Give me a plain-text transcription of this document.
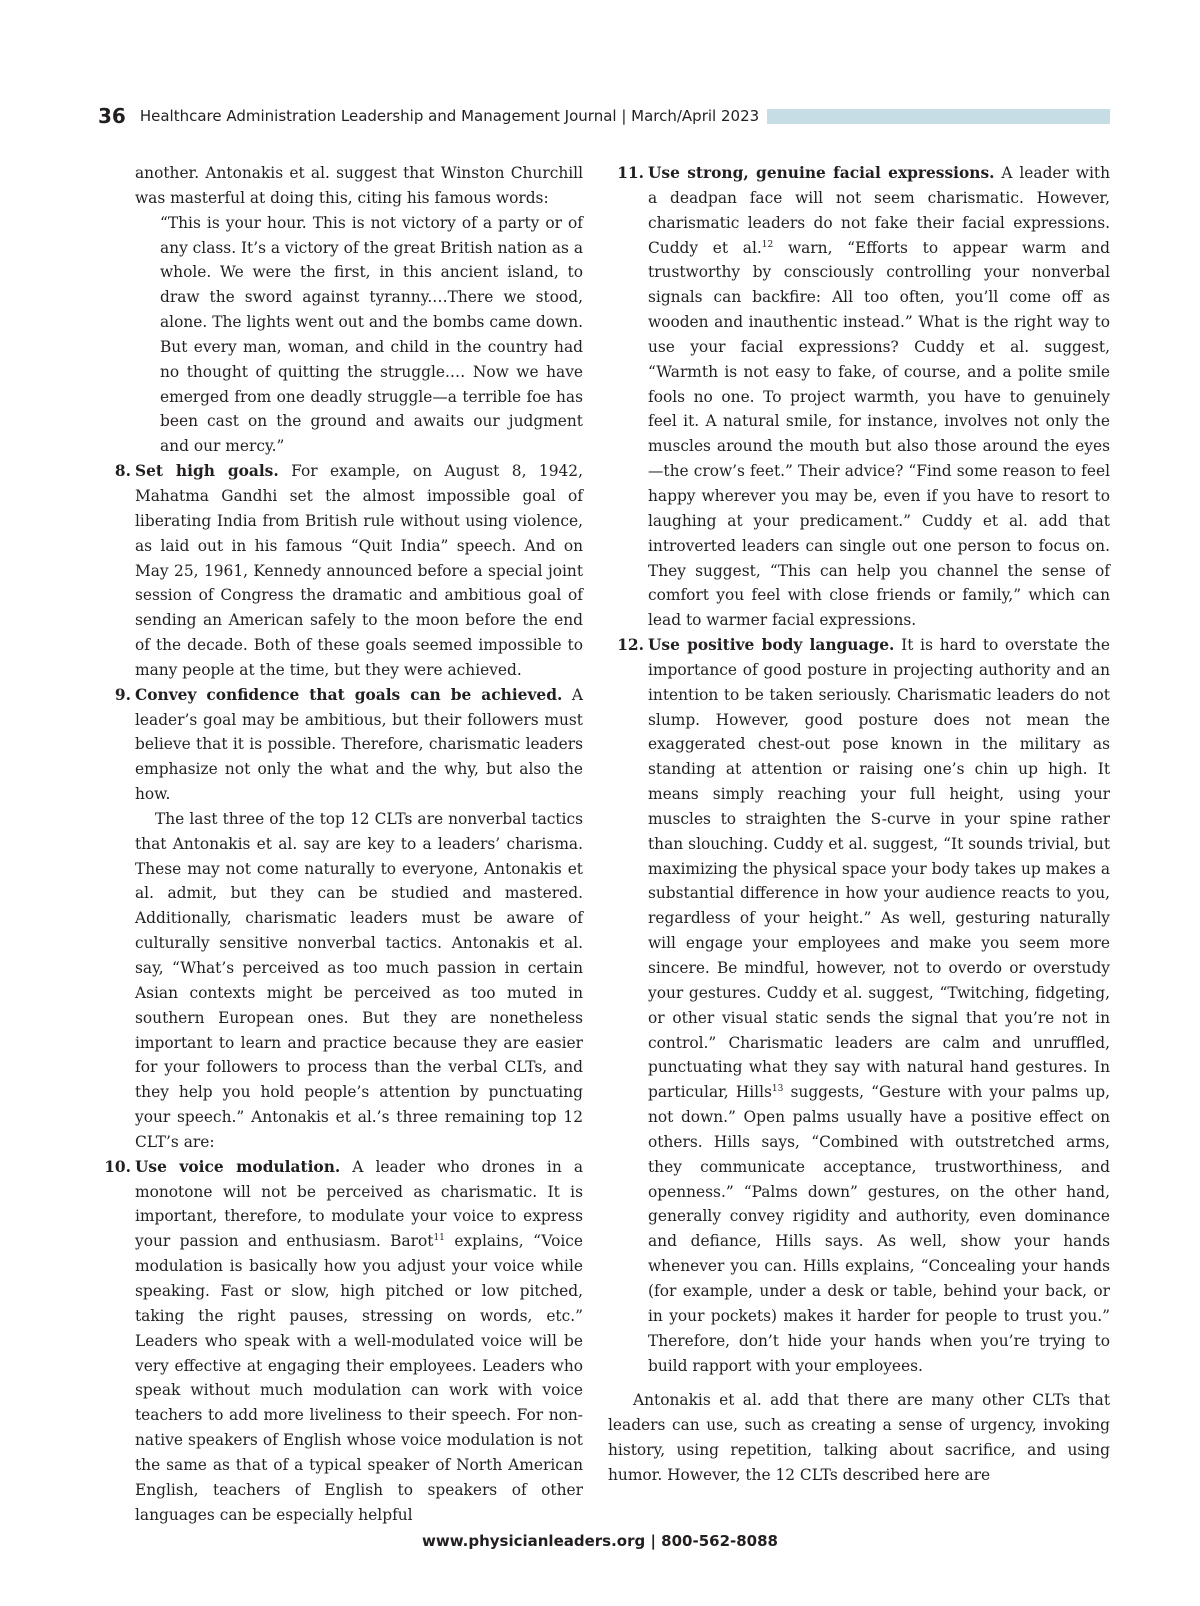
36 Healthcare Administration Leadership and Management Journal | March/April 2023

another. Antonakis et al. suggest that Winston Churchill was masterful at doing this, citing his famous words:

“This is your hour. This is not victory of a party or of any class. It’s a victory of the great British nation as a whole. We were the first, in this ancient island, to draw the sword against tyranny.…There we stood, alone. The lights went out and the bombs came down. But every man, woman, and child in the country had no thought of quitting the struggle.… Now we have emerged from one deadly struggle—a terrible foe has been cast on the ground and awaits our judgment and our mercy.”

8. Set high goals. For example, on August 8, 1942, Mahatma Gandhi set the almost impossible goal of liberating India from British rule without using violence, as laid out in his famous “Quit India” speech. And on May 25, 1961, Kennedy announced before a special joint session of Congress the dramatic and ambitious goal of sending an American safely to the moon before the end of the decade. Both of these goals seemed impossible to many people at the time, but they were achieved.

9. Convey confidence that goals can be achieved. A leader’s goal may be ambitious, but their followers must believe that it is possible. Therefore, charismatic leaders emphasize not only the what and the why, but also the how.

The last three of the top 12 CLTs are nonverbal tactics that Antonakis et al. say are key to a leaders’ charisma. These may not come naturally to everyone, Antonakis et al. admit, but they can be studied and mastered. Additionally, charismatic leaders must be aware of culturally sensitive nonverbal tactics. Antonakis et al. say, “What’s perceived as too much passion in certain Asian contexts might be perceived as too muted in southern European ones. But they are nonetheless important to learn and practice because they are easier for your followers to process than the verbal CLTs, and they help you hold people’s attention by punctuating your speech.” Antonakis et al.’s three remaining top 12 CLT’s are:

10. Use voice modulation. A leader who drones in a monotone will not be perceived as charismatic. It is important, therefore, to modulate your voice to express your passion and enthusiasm. Barot$^{11}$ explains, “Voice modulation is basically how you adjust your voice while speaking. Fast or slow, high pitched or low pitched, taking the right pauses, stressing on words, etc.” Leaders who speak with a well-modulated voice will be very effective at engaging their employees. Leaders who speak without much modulation can work with voice teachers to add more liveliness to their speech. For non-native speakers of English whose voice modulation is not the same as that of a typical speaker of North American English, teachers of English to speakers of other languages can be especially helpful

11. Use strong, genuine facial expressions. A leader with a deadpan face will not seem charismatic. However, charismatic leaders do not fake their facial expressions. Cuddy et al.$^{12}$ warn, “Efforts to appear warm and trustworthy by consciously controlling your nonverbal signals can backfire: All too often, you’ll come off as wooden and inauthentic instead.” What is the right way to use your facial expressions? Cuddy et al. suggest, “Warmth is not easy to fake, of course, and a polite smile fools no one. To project warmth, you have to genuinely feel it. A natural smile, for instance, involves not only the muscles around the mouth but also those around the eyes—the crow’s feet.” Their advice? “Find some reason to feel happy wherever you may be, even if you have to resort to laughing at your predicament.” Cuddy et al. add that introverted leaders can single out one person to focus on. They suggest, “This can help you channel the sense of comfort you feel with close friends or family,” which can lead to warmer facial expressions.

12. Use positive body language. It is hard to overstate the importance of good posture in projecting authority and an intention to be taken seriously. Charismatic leaders do not slump. However, good posture does not mean the exaggerated chest-out pose known in the military as standing at attention or raising one’s chin up high. It means simply reaching your full height, using your muscles to straighten the S-curve in your spine rather than slouching. Cuddy et al. suggest, “It sounds trivial, but maximizing the physical space your body takes up makes a substantial difference in how your audience reacts to you, regardless of your height.” As well, gesturing naturally will engage your employees and make you seem more sincere. Be mindful, however, not to overdo or overstudy your gestures. Cuddy et al. suggest, “Twitching, fidgeting, or other visual static sends the signal that you’re not in control.” Charismatic leaders are calm and unruffled, punctuating what they say with natural hand gestures. In particular, Hills$^{13}$ suggests, “Gesture with your palms up, not down.” Open palms usually have a positive effect on others. Hills says, “Combined with outstretched arms, they communicate acceptance, trustworthiness, and openness.” “Palms down” gestures, on the other hand, generally convey rigidity and authority, even dominance and defiance, Hills says. As well, show your hands whenever you can. Hills explains, “Concealing your hands (for example, under a desk or table, behind your back, or in your pockets) makes it harder for people to trust you.” Therefore, don’t hide your hands when you’re trying to build rapport with your employees.

Antonakis et al. add that there are many other CLTs that leaders can use, such as creating a sense of urgency, invoking history, using repetition, talking about sacrifice, and using humor. However, the 12 CLTs described here are

www.physicianleaders.org | 800-562-8088
